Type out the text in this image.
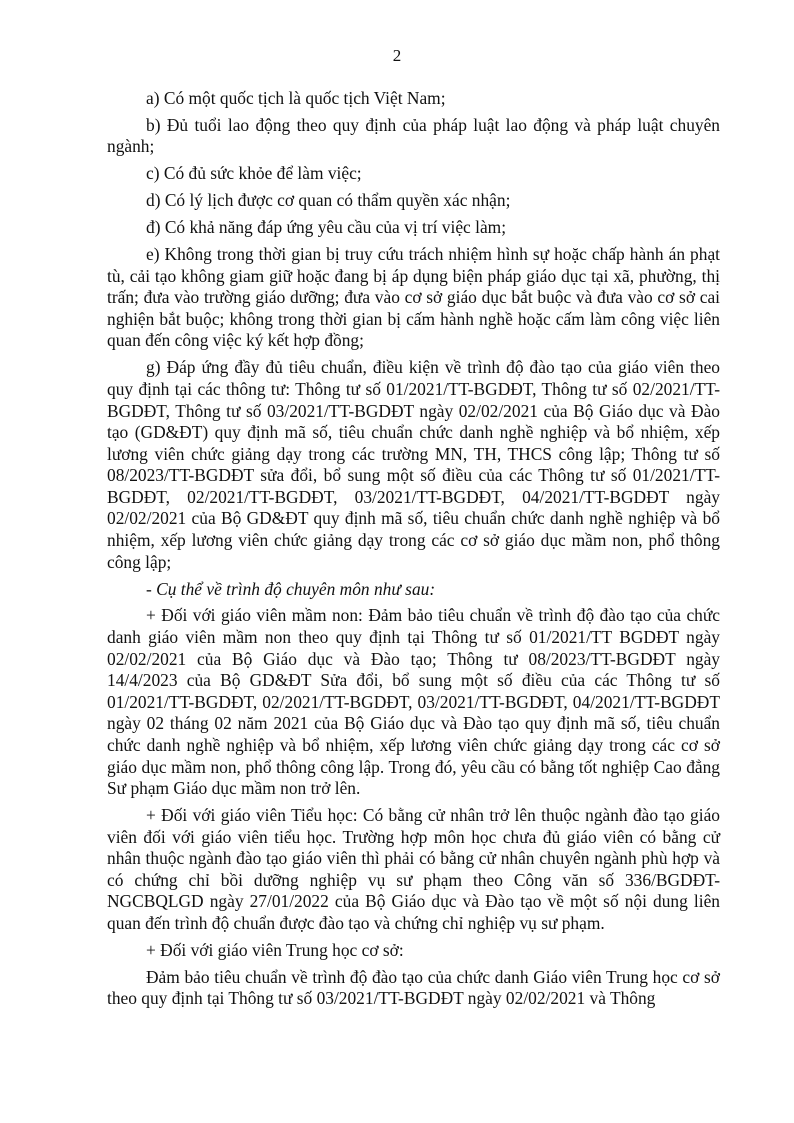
2

a) Có một quốc tịch là quốc tịch Việt Nam;

b) Đủ tuổi lao động theo quy định của pháp luật lao động và pháp luật chuyên ngành;

c) Có đủ sức khỏe để làm việc;

d) Có lý lịch được cơ quan có thẩm quyền xác nhận;

đ) Có khả năng đáp ứng yêu cầu của vị trí việc làm;

e) Không trong thời gian bị truy cứu trách nhiệm hình sự hoặc chấp hành án phạt tù, cải tạo không giam giữ hoặc đang bị áp dụng biện pháp giáo dục tại xã, phường, thị trấn; đưa vào trường giáo dưỡng; đưa vào cơ sở giáo dục bắt buộc và đưa vào cơ sở cai nghiện bắt buộc; không trong thời gian bị cấm hành nghề hoặc cấm làm công việc liên quan đến công việc ký kết hợp đồng;

g) Đáp ứng đầy đủ tiêu chuẩn, điều kiện về trình độ đào tạo của giáo viên theo quy định tại các thông tư: Thông tư số 01/2021/TT-BGDĐT, Thông tư số 02/2021/TT-BGDĐT, Thông tư số 03/2021/TT-BGDĐT ngày 02/02/2021 của Bộ Giáo dục và Đào tạo (GD&ĐT) quy định mã số, tiêu chuẩn chức danh nghề nghiệp và bổ nhiệm, xếp lương viên chức giảng dạy trong các trường MN, TH, THCS công lập; Thông tư số 08/2023/TT-BGDĐT sửa đổi, bổ sung một số điều của các Thông tư số 01/2021/TT-BGDĐT, 02/2021/TT-BGDĐT, 03/2021/TT-BGDĐT, 04/2021/TT-BGDĐT ngày 02/02/2021 của Bộ GD&ĐT quy định mã số, tiêu chuẩn chức danh nghề nghiệp và bổ nhiệm, xếp lương viên chức giảng dạy trong các cơ sở giáo dục mầm non, phổ thông công lập;

- Cụ thể về trình độ chuyên môn như sau:

+ Đối với giáo viên mầm non: Đảm bảo tiêu chuẩn về trình độ đào tạo của chức danh giáo viên mầm non theo quy định tại Thông tư số 01/2021/TT BGDĐT ngày 02/02/2021 của Bộ Giáo dục và Đào tạo; Thông tư 08/2023/TT-BGDĐT ngày 14/4/2023 của Bộ GD&ĐT Sửa đổi, bổ sung một số điều của các Thông tư số 01/2021/TT-BGDĐT, 02/2021/TT-BGDĐT, 03/2021/TT-BGDĐT, 04/2021/TT-BGDĐT ngày 02 tháng 02 năm 2021 của Bộ Giáo dục và Đào tạo quy định mã số, tiêu chuẩn chức danh nghề nghiệp và bổ nhiệm, xếp lương viên chức giảng dạy trong các cơ sở giáo dục mầm non, phổ thông công lập. Trong đó, yêu cầu có bằng tốt nghiệp Cao đẳng Sư phạm Giáo dục mầm non trở lên.

+ Đối với giáo viên Tiểu học: Có bằng cử nhân trở lên thuộc ngành đào tạo giáo viên đối với giáo viên tiểu học. Trường hợp môn học chưa đủ giáo viên có bằng cử nhân thuộc ngành đào tạo giáo viên thì phải có bằng cử nhân chuyên ngành phù hợp và có chứng chỉ bồi dưỡng nghiệp vụ sư phạm theo Công văn số 336/BGDĐT-NGCBQLGD ngày 27/01/2022 của Bộ Giáo dục và Đào tạo về một số nội dung liên quan đến trình độ chuẩn được đào tạo và chứng chỉ nghiệp vụ sư phạm.

+ Đối với giáo viên Trung học cơ sở:

Đảm bảo tiêu chuẩn về trình độ đào tạo của chức danh Giáo viên Trung học cơ sở theo quy định tại Thông tư số 03/2021/TT-BGDĐT ngày 02/02/2021 và Thông
